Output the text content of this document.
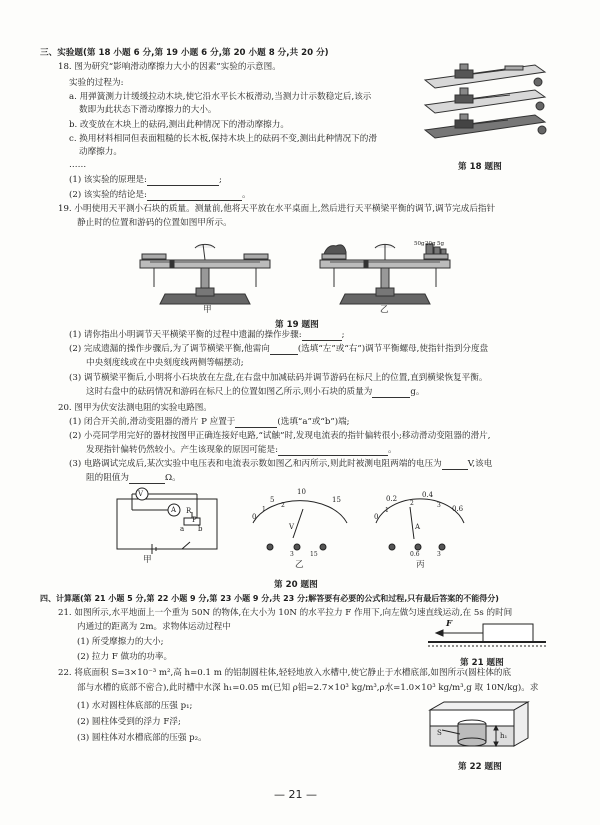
三、实验题(第 18 小题 6 分,第 19 小题 6 分,第 20 小题 8 分,共 20 分)
18. 图为研究“影响滑动摩擦力大小的因素”实验的示意图。
实验的过程为:
a. 用弹簧测力计缓缓拉动木块,使它沿水平长木板滑动,当测力计示数稳定后,该示
数即为此状态下滑动摩擦力的大小。
b. 改变放在木块上的砝码,测出此种情况下的滑动摩擦力。
c. 换用材料相同但表面粗糙的长木板,保持木块上的砝码不变,测出此种情况下的滑
动摩擦力。
……
(1) 该实验的原理是:	;
(2) 该实验的结论是:	。
第 18 题图
19. 小明使用天平测小石块的质量。测量前,他将天平放在水平桌面上,然后进行天平横梁平衡的调节,调节完成后指针
静止时的位置和游码的位置如图甲所示。
甲
50g 20g 5g
乙
第 19 题图
(1) 请你指出小明调节天平横梁平衡的过程中遗漏的操作步骤:	;
(2) 完成遗漏的操作步骤后,为了调节横梁平衡,他需向	(选填“左”或“右”)调节平衡螺母,使指针指到分度盘
中央刻度线或在中央刻度线两侧等幅摆动;
(3) 调节横梁平衡后,小明将小石块放在左盘,在右盘中加减砝码并调节游码在标尺上的位置,直到横梁恢复平衡。
这时右盘中的砝码情况和游码在标尺上的位置如图乙所示,则小石块的质量为	g。
20. 图甲为伏安法测电阻的实验电路图。
(1) 闭合开关前,滑动变阻器的滑片 P 应置于	(选填“a”或“b”)端;
(2) 小亮同学用完好的器材按图甲正确连接好电路,“试触”时,发现电流表的指针偏转很小;移动滑动变阻器的滑片,
发现指针偏转仍然较小。产生该现象的原因可能是:	。
(3) 电路调试完成后,某次实验中电压表和电流表示数如图乙和丙所示,则此时被测电阻两端的电压为	V,该电
阻的阻值为	Ω。
V
A R
P
a b
甲
0
5
10
15
1
2
V
3	15
乙
0
0.2	0.4
0.6
1
2	3
A
0.6	3
丙
第 20 题图
四、计算题(第 21 小题 5 分,第 22 小题 9 分,第 23 小题 9 分,共 23 分;解答要有必要的公式和过程,只有最后答案的不能得分)
21. 如图所示,水平地面上一个重为 50N 的物体,在大小为 10N 的水平拉力 F 作用下,向左做匀速直线运动,在 5s 的时间
内通过的距离为 2m。求物体运动过程中
(1) 所受摩擦力的大小;
(2) 拉力 F 做功的功率。
F
第 21 题图
22. 将底面积 S=3×10⁻³ m²,高 h=0.1 m 的铝制圆柱体,轻轻地放入水槽中,使它静止于水槽底部,如图所示(圆柱体的底
部与水槽的底部不密合),此时槽中水深 h₁=0.05 m(已知 ρ铝=2.7×10³ kg/m³,ρ水=1.0×10³ kg/m³,g 取 10N/kg)。求
(1) 水对圆柱体底部的压强 p₁;
(2) 圆柱体受到的浮力 F浮;
(3) 圆柱体对水槽底部的压强 p₂。	S	h₁
第 22 题图
— 21 —
